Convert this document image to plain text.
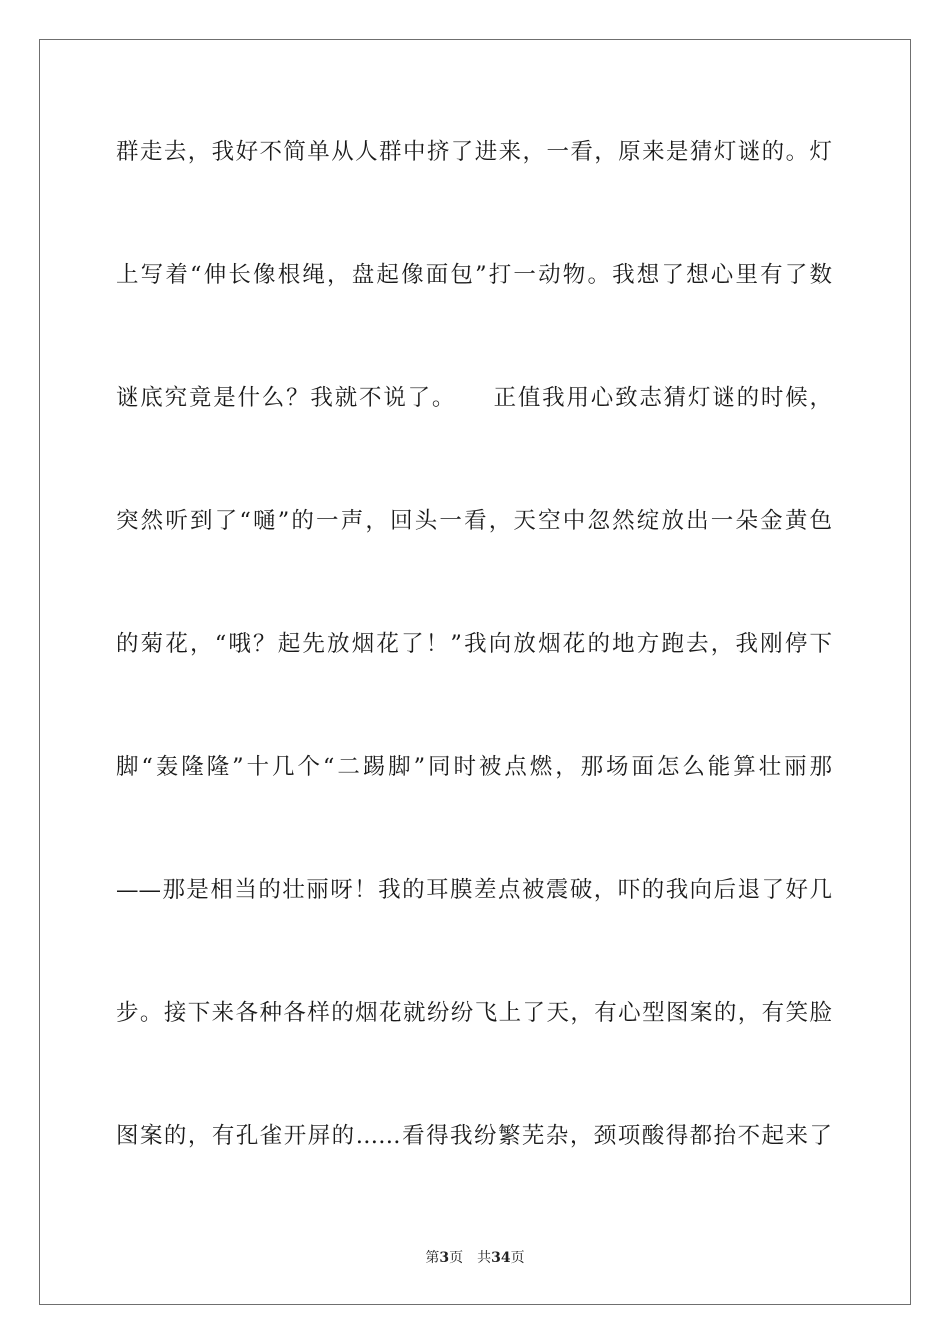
群走去，我好不简单从人群中挤了进来，一看，原来是猜灯谜的。灯
上写着“伸长像根绳，盘起像面包”打一动物。我想了想心里有了数
谜底究竟是什么？我就不说了。　　正值我用心致志猜灯谜的时候，
突然听到了“嗵”的一声，回头一看，天空中忽然绽放出一朵金黄色
的菊花，“哦？起先放烟花了！”我向放烟花的地方跑去，我刚停下
脚“轰隆隆”十几个“二踢脚”同时被点燃，那场面怎么能算壮丽那
——那是相当的壮丽呀！我的耳膜差点被震破，吓的我向后退了好几
步。接下来各种各样的烟花就纷纷飞上了天，有心型图案的，有笑脸
图案的，有孔雀开屏的……看得我纷繁芜杂，颈项酸得都抬不起来了
第3页 共34页
